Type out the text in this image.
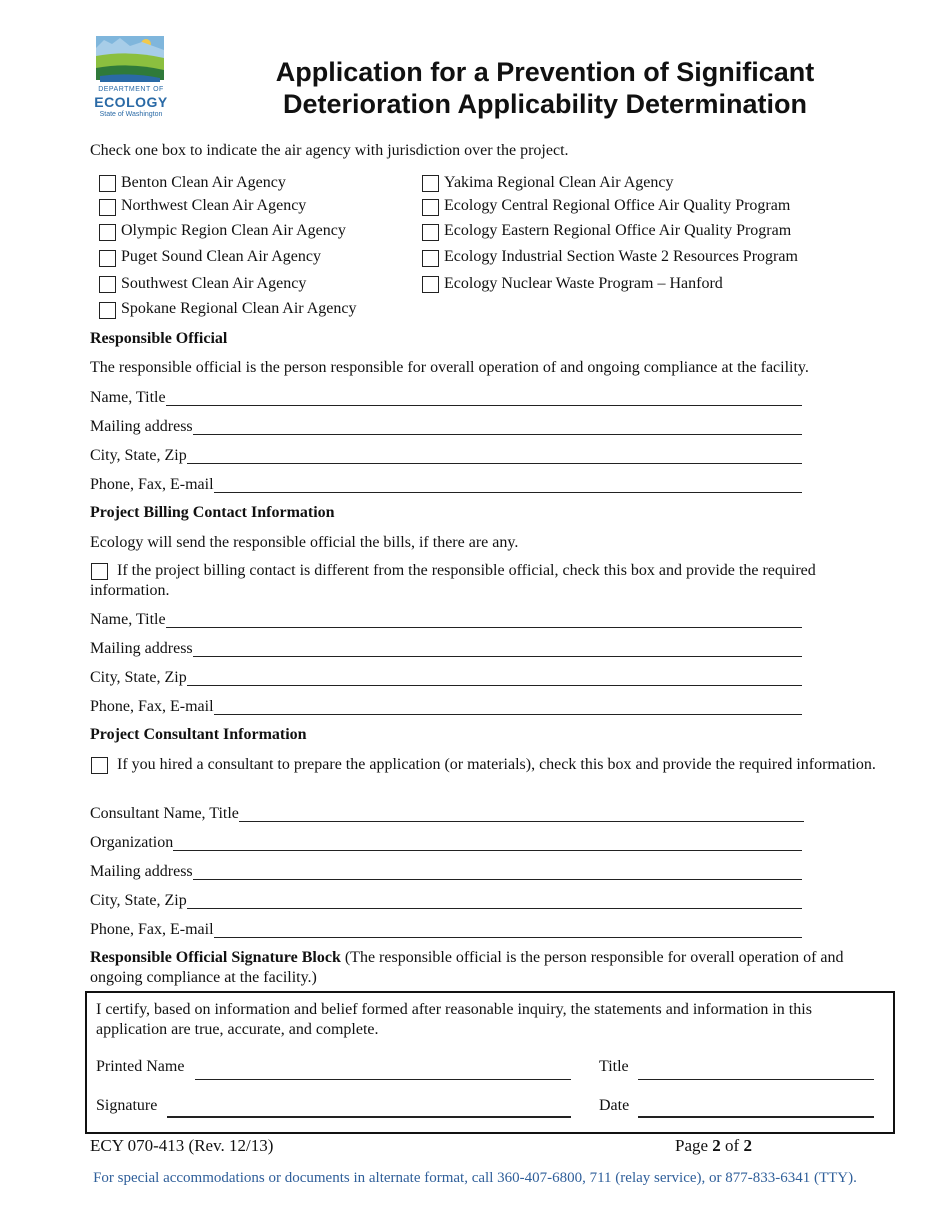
DEPARTMENT OF
ECOLOGY
State of Washington
Application for a Prevention of Significant
Deterioration Applicability Determination
Check one box to indicate the air agency with jurisdiction over the project.
Benton Clean Air Agency
Northwest Clean Air Agency
Olympic Region Clean Air Agency
Puget Sound Clean Air Agency
Southwest Clean Air Agency
Spokane Regional Clean Air Agency
Yakima Regional Clean Air Agency
Ecology Central Regional Office Air Quality Program
Ecology Eastern Regional Office Air Quality Program
Ecology Industrial Section Waste 2 Resources Program
Ecology Nuclear Waste Program – Hanford
Responsible Official
The responsible official is the person responsible for overall operation of and ongoing compliance at the facility.
Name, Title
Mailing address
City, State, Zip
Phone, Fax, E-mail
Project Billing Contact Information
Ecology will send the responsible official the bills, if there are any.
If the project billing contact is different from the responsible official, check this box and provide the required information.
Name, Title
Mailing address
City, State, Zip
Phone, Fax, E-mail
Project Consultant Information
If you hired a consultant to prepare the application (or materials), check this box and provide the required information.
Consultant Name, Title
Organization
Mailing address
City, State, Zip
Phone, Fax, E-mail
Responsible Official Signature Block (The responsible official is the person responsible for overall operation of and ongoing compliance at the facility.)
I certify, based on information and belief formed after reasonable inquiry, the statements and information in this application are true, accurate, and complete.
Printed Name	Title
Signature	Date
ECY 070-413 (Rev. 12/13)	Page 2 of 2
For special accommodations or documents in alternate format, call 360-407-6800, 711 (relay service), or 877-833-6341 (TTY).
